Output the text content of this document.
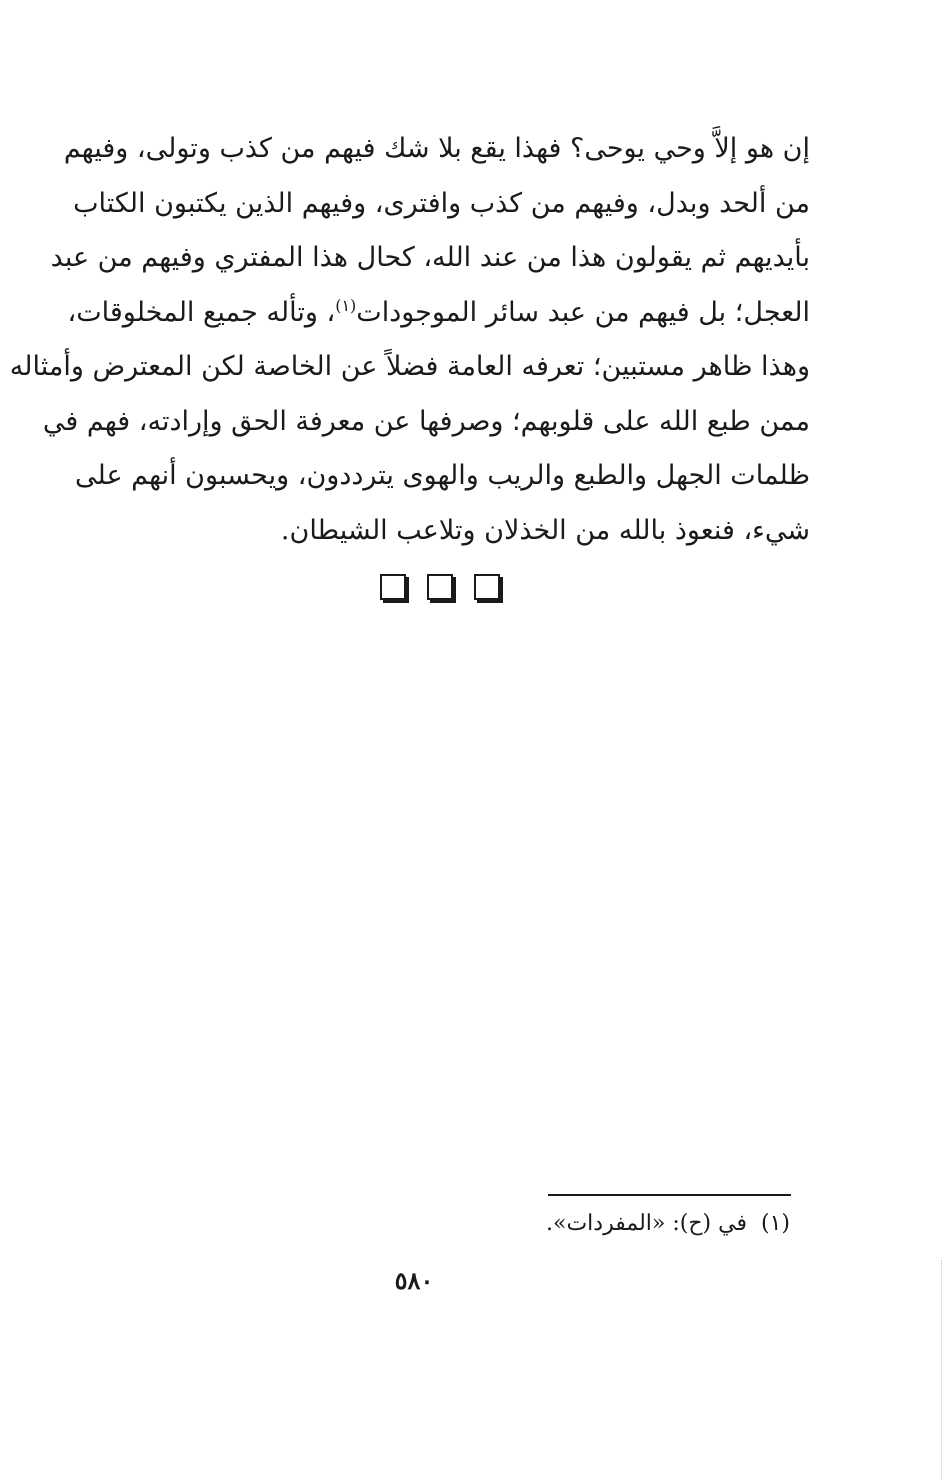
إن هو إلاَّ وحي يوحى؟ فهذا يقع بلا شك فيهم من كذب وتولى، وفيهم
من ألحد وبدل، وفيهم من كذب وافترى، وفيهم الذين يكتبون الكتاب
بأيديهم ثم يقولون هذا من عند الله، كحال هذا المفتري وفيهم من عبد
العجل؛ بل فيهم من عبد سائر الموجودات$^{(١)}$، وتأله جميع المخلوقات،
وهذا ظاهر مستبين؛ تعرفه العامة فضلاً عن الخاصة لكن المعترض وأمثاله
ممن طبع الله على قلوبهم؛ وصرفها عن معرفة الحق وإرادته، فهم في
ظلمات الجهل والطبع والريب والهوى يترددون، ويحسبون أنهم على
شيء، فنعوذ بالله من الخذلان وتلاعب الشيطان.
(١)في (ح): «المفردات».
٥٨٠
